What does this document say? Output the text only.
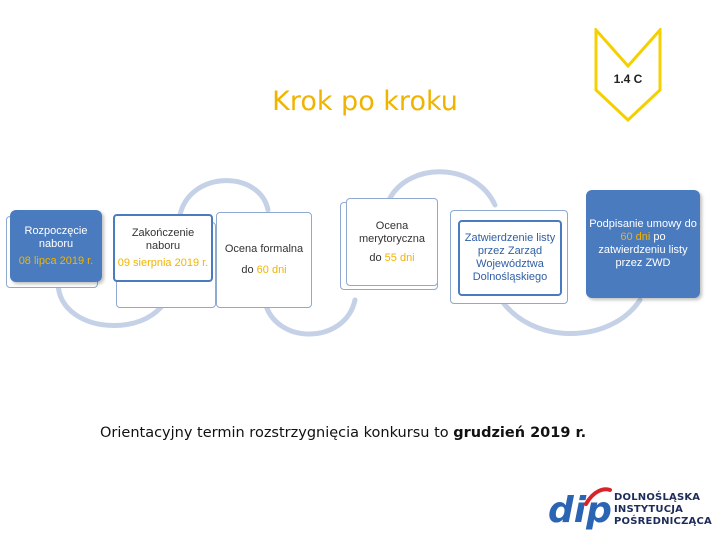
Krok po kroku
1.4 C
Rozpoczęcie naboru
08 lipca 2019 r.
Zakończenie naboru
09 sierpnia 2019 r.
Ocena formalna
do 60 dni
Ocena merytoryczna
do 55 dni
Zatwierdzenie listy przez Zarząd Województwa Dolnośląskiego
Podpisanie umowy do 60 dni po zatwierdzeniu listy przez ZWD
Orientacyjny termin rozstrzygnięcia konkursu to grudzień 2019 r.
dip DOLNOŚLĄSKA
INSTYTUCJA
POŚREDNICZĄCA
